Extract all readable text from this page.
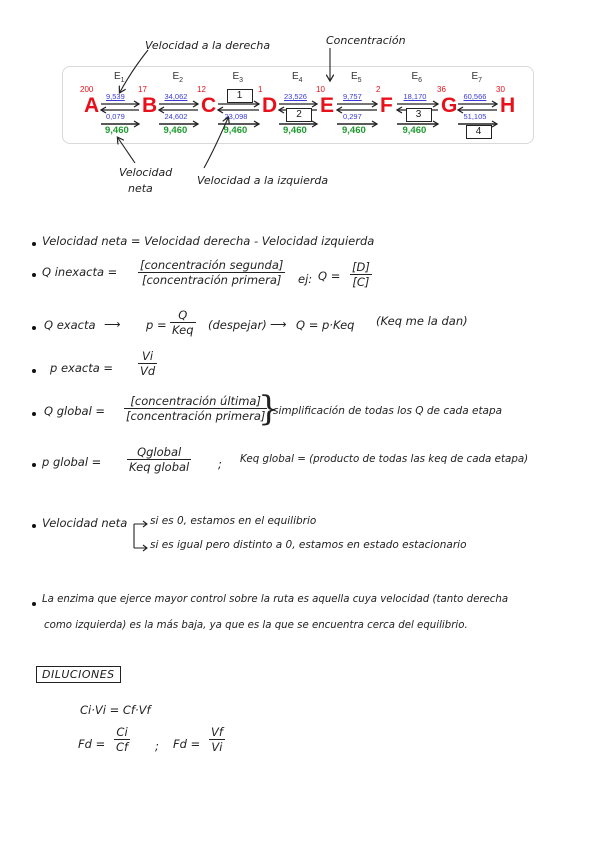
Velocidad a la derecha	Concentración
A
200
B
17
C
12
D
1
E
10
F
2
G
36
H
30
$E_1$
9,539
0,079
9,460
$E_2$
34,062
24,602
9,460
$E_3$
23,098
9,460
$E_4$
23,526
9,460
$E_5$
9,757
0,297
9,460
$E_6$
18,170
9,460
$E_7$
60,566
51,105
1
2	3
4
Velocidad
neta
Velocidad a la izquierda
Velocidad neta = Velocidad derecha - Velocidad izquierda
Q inexacta = [concentración segunda]
[concentración primera]	ej: $Q = \frac{[D]}{[C]}$
Q exacta ⟶ p =
Q
Keq (despejar) ⟶ Q = p·Keq (Keq me la dan)
p exacta = $\frac{Vi}{Vd}$
Q global =
[concentración última]
[concentración primera]
}
simplificación de todas los Q de cada etapa
p global =
Qglobal
Keq global	; Keq global = (producto de todas las keq de cada etapa)
Velocidad neta si es 0, estamos en el equilibrio
si es igual pero distinto a 0, estamos en estado estacionario
La enzima que ejerce mayor control sobre la ruta es aquella cuya velocidad (tanto derecha
como izquierda) es la más baja, ya que es la que se encuentra cerca del equilibrio.
DILUCIONES
Ci·Vi = Cf·Vf
$Fd = \frac{Ci}{Cf}$ ; $Fd = \frac{Vf}{Vi}$
